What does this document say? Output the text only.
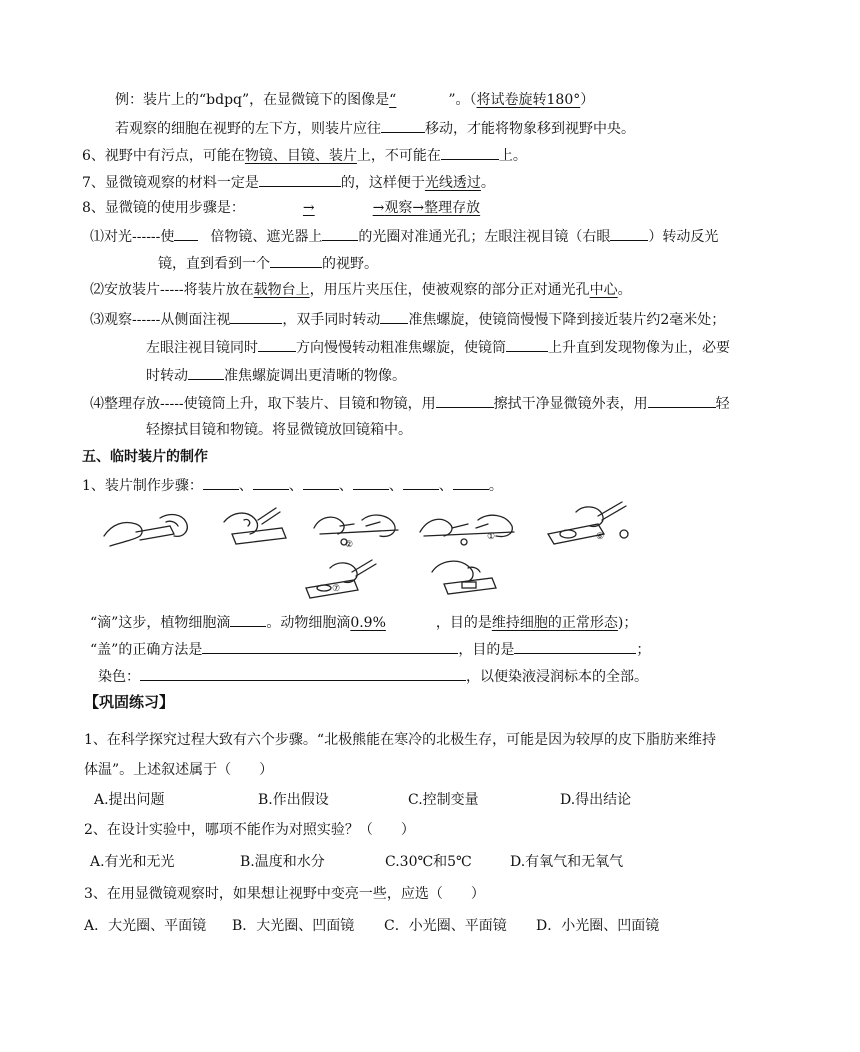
例：装片上的“bdpq”，在显微镜下的图像是“	”。（将试卷旋转180°）
若观察的细胞在视野的左下方，则装片应往	移动，才能将物象移到视野中央。
6、视野中有污点，可能在物镜、目镜、装片上，不可能在	上。
7、显微镜观察的材料一定是	的，这样便于光线透过。
8、显微镜的使用步骤是：	→	→观察→整理存放
⑴对光------使	倍物镜、遮光器上	的光圈对准通光孔；左眼注视目镜（右眼	）转动反光
镜，直到看到一个	的视野。
⑵安放装片-----将装片放在载物台上，用压片夹压住，使被观察的部分正对通光孔中心。
⑶观察------从侧面注视	，双手同时转动 准焦螺旋，使镜筒慢慢下降到接近装片约2毫米处；
左眼注视目镜同时	方向慢慢转动粗准焦螺旋，使镜筒	上升直到发现物像为止，必要
时转动	准焦螺旋调出更清晰的物像。
⑷整理存放-----使镜筒上升，取下装片、目镜和物镜，用	擦拭干净显微镜外表，用	轻
轻擦拭目镜和物镜。将显微镜放回镜箱中。
五、临时装片的制作
1、装片制作步骤：	、	、	、	、	、	。
①
②
⑥
⑦
“滴”这步，植物细胞滴	。动物细胞滴0.9%	，目的是维持细胞的正常形态)；
“盖”的正确方法是	，目的是	；
染色：	，以便染液浸润标本的全部。
【巩固练习】
1、在科学探究过程大致有六个步骤。“北极熊能在寒冷的北极生存，可能是因为较厚的皮下脂肪来维持
体温”。上述叙述属于（　　）
A.提出问题	B.作出假设	C.控制变量	D.得出结论
2、在设计实验中，哪项不能作为对照实验？（　　）
A.有光和无光	B.温度和水分	C.30℃和5℃	D.有氧气和无氧气
3、在用显微镜观察时，如果想让视野中变亮一些，应选（　　）
A．大光圈、平面镜 B．大光圈、凹面镜 C．小光圈、平面镜 D．小光圈、凹面镜
